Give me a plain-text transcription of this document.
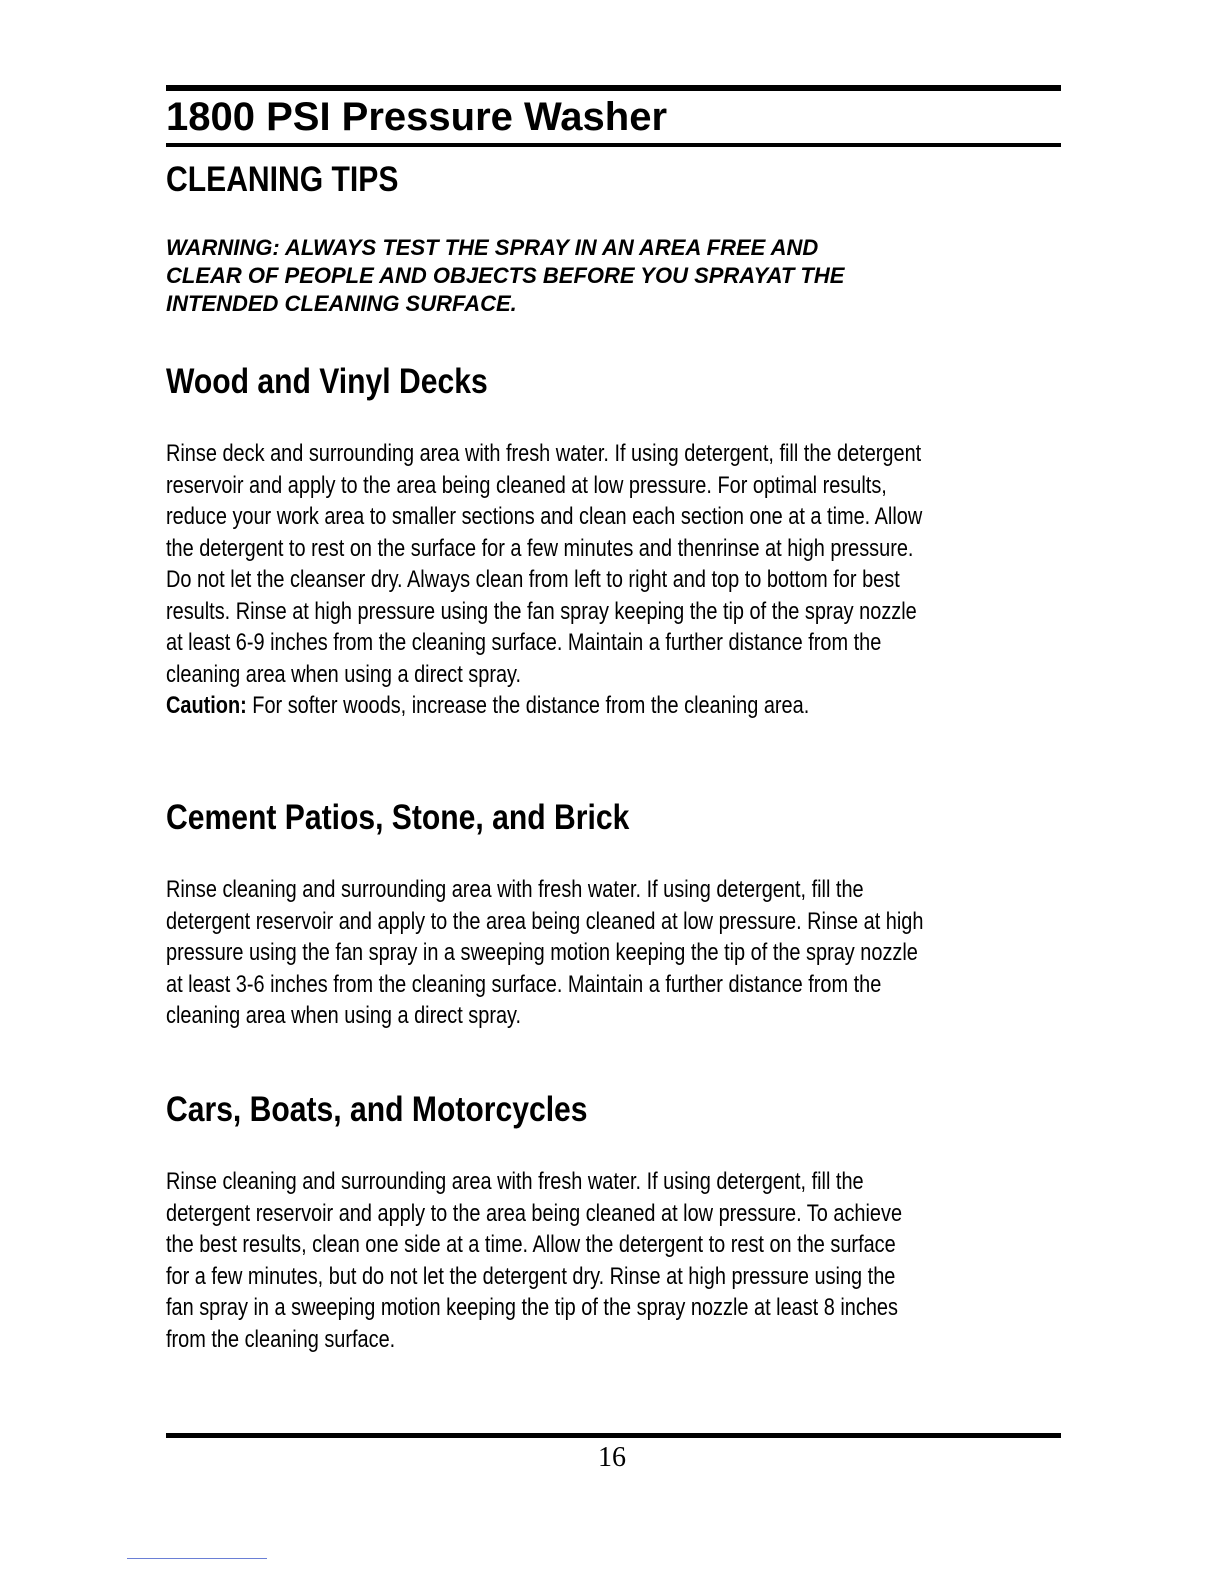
1800 PSI Pressure Washer
CLEANING TIPS

WARNING: ALWAYS TEST THE SPRAY IN AN AREA FREE AND
CLEAR OF PEOPLE AND OBJECTS BEFORE YOU SPRAYAT THE
INTENDED CLEANING SURFACE.

Wood and Vinyl Decks
Rinse deck and surrounding area with fresh water. If using detergent, fill the detergent
reservoir and apply to the area being cleaned at low pressure. For optimal results,
reduce your work area to smaller sections and clean each section one at a time. Allow
the detergent to rest on the surface for a few minutes and thenrinse at high pressure.
Do not let the cleanser dry. Always clean from left to right and top to bottom for best
results. Rinse at high pressure using the fan spray keeping the tip of the spray nozzle
at least 6-9 inches from the cleaning surface. Maintain a further distance from the
cleaning area when using a direct spray.
Caution: For softer woods, increase the distance from the cleaning area.
Cement Patios, Stone, and Brick
Rinse cleaning and surrounding area with fresh water. If using detergent, fill the
detergent reservoir and apply to the area being cleaned at low pressure. Rinse at high
pressure using the fan spray in a sweeping motion keeping the tip of the spray nozzle
at least 3-6 inches from the cleaning surface. Maintain a further distance from the
cleaning area when using a direct spray.
Cars, Boats, and Motorcycles
Rinse cleaning and surrounding area with fresh water. If using detergent, fill the
detergent reservoir and apply to the area being cleaned at low pressure. To achieve
the best results, clean one side at a time. Allow the detergent to rest on the surface
for a few minutes, but do not let the detergent dry. Rinse at high pressure using the
fan spray in a sweeping motion keeping the tip of the spray nozzle at least 8 inches
from the cleaning surface.

16
